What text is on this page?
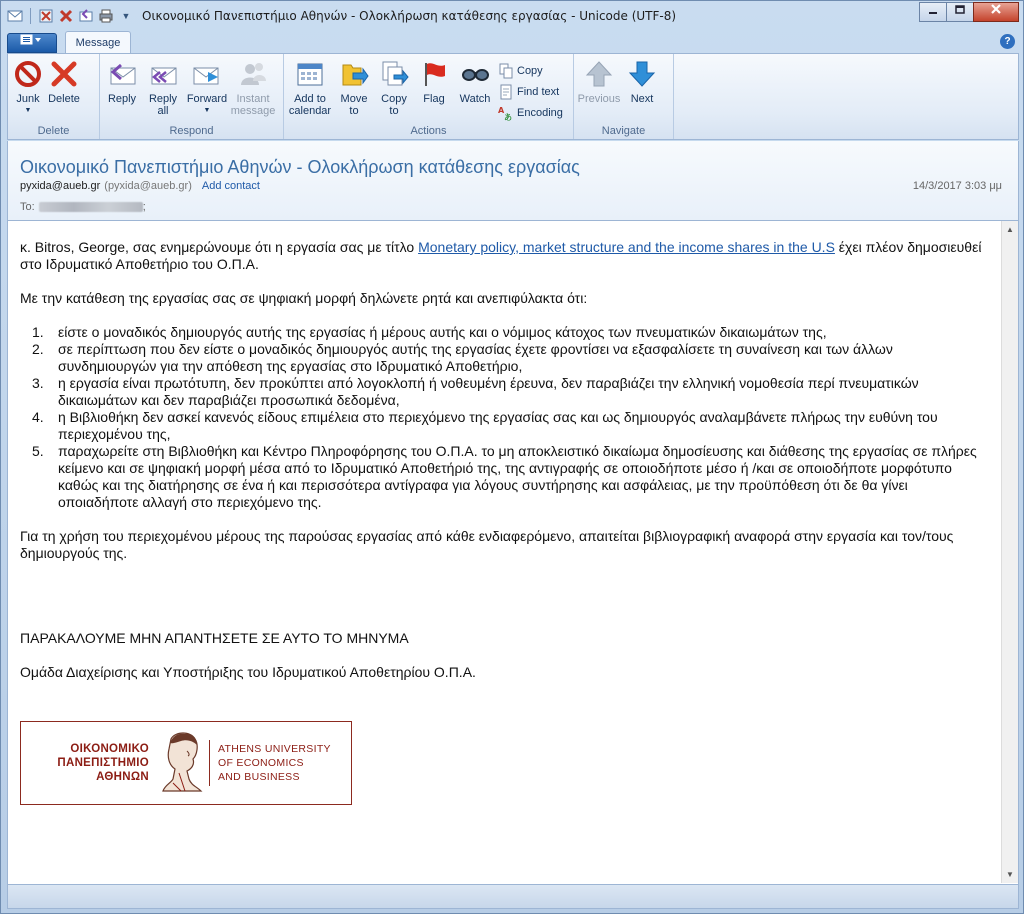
▼ Οικονομικό Πανεπιστήμιο Αθηνών - Ολοκλήρωση κατάθεσης εργασίας - Unicode (UTF-8)
Message	?
Junk
▼
Delete
Delete
Reply Reply
all
Forward
▼
Instant
message
Respond
Add to
calendar
Move
to
Copy
to
Flag Watch
Copy
Find text
A
あ Encoding
Actions
Previous Next
Navigate
Οικονομικό Πανεπιστήμιο Αθηνών - Ολοκλήρωση κατάθεσης εργασίας
pyxida@aueb.gr (pyxida@aueb.gr) Add contact	14/3/2017 3:03 μμ
To:	;

κ. Bitros, George, σας ενημερώνουμε ότι η εργασία σας με τίτλο Monetary policy, market structure and the income shares in the U.S έχει πλέον δημοσιευθεί στο Ιδρυματικό Αποθετήριο του Ο.Π.Α.

Με την κατάθεση της εργασίας σας σε ψηφιακή μορφή δηλώνετε ρητά και ανεπιφύλακτα ότι:

1. είστε ο μοναδικός δημιουργός αυτής της εργασίας ή μέρους αυτής και ο νόμιμος κάτοχος των πνευματικών δικαιωμάτων της,
2. σε περίπτωση που δεν είστε ο μοναδικός δημιουργός αυτής της εργασίας έχετε φροντίσει να εξασφαλίσετε τη συναίνεση και των άλλων συνδημιουργών για την απόθεση της εργασίας στο Ιδρυματικό Αποθετήριο,
3. η εργασία είναι πρωτότυπη, δεν προκύπτει από λογοκλοπή ή νοθευμένη έρευνα, δεν παραβιάζει την ελληνική νομοθεσία περί πνευματικών δικαιωμάτων και δεν παραβιάζει προσωπικά δεδομένα,
4. η Βιβλιοθήκη δεν ασκεί κανενός είδους επιμέλεια στο περιεχόμενο της εργασίας σας και ως δημιουργός αναλαμβάνετε πλήρως την ευθύνη του περιεχομένου της,
5. παραχωρείτε στη Βιβλιοθήκη και Κέντρο Πληροφόρησης του Ο.Π.Α. το μη αποκλειστικό δικαίωμα δημοσίευσης και διάθεσης της εργασίας σε πλήρες κείμενο και σε ψηφιακή μορφή μέσα από το Ιδρυματικό Αποθετήριό της, της αντιγραφής σε οποιοδήποτε μέσο ή /και σε οποιοδήποτε μορφότυπο καθώς και της διατήρησης σε ένα ή και περισσότερα αντίγραφα για λόγους συντήρησης και ασφάλειας, με την προϋπόθεση ότι δε θα γίνει οποιαδήποτε αλλαγή στο περιεχόμενο της.

Για τη χρήση του περιεχομένου μέρους της παρούσας εργασίας από κάθε ενδιαφερόμενο, απαιτείται βιβλιογραφική αναφορά στην εργασία και τον/τους δημιουργούς της.

ΠΑΡΑΚΑΛΟΥΜΕ ΜΗΝ ΑΠΑΝΤΗΣΕΤΕ ΣΕ ΑΥΤΟ ΤΟ ΜΗΝΥΜΑ

Ομάδα Διαχείρισης και Υποστήριξης του Ιδρυματικού Αποθετηρίου Ο.Π.Α.

ΟΙΚΟΝΟΜΙΚΟ
ΠΑΝΕΠΙΣΤΗΜΙΟ
ΑΘΗΝΩΝ
ATHENS UNIVERSITY
OF ECONOMICS
AND BUSINESS
▲
▼
